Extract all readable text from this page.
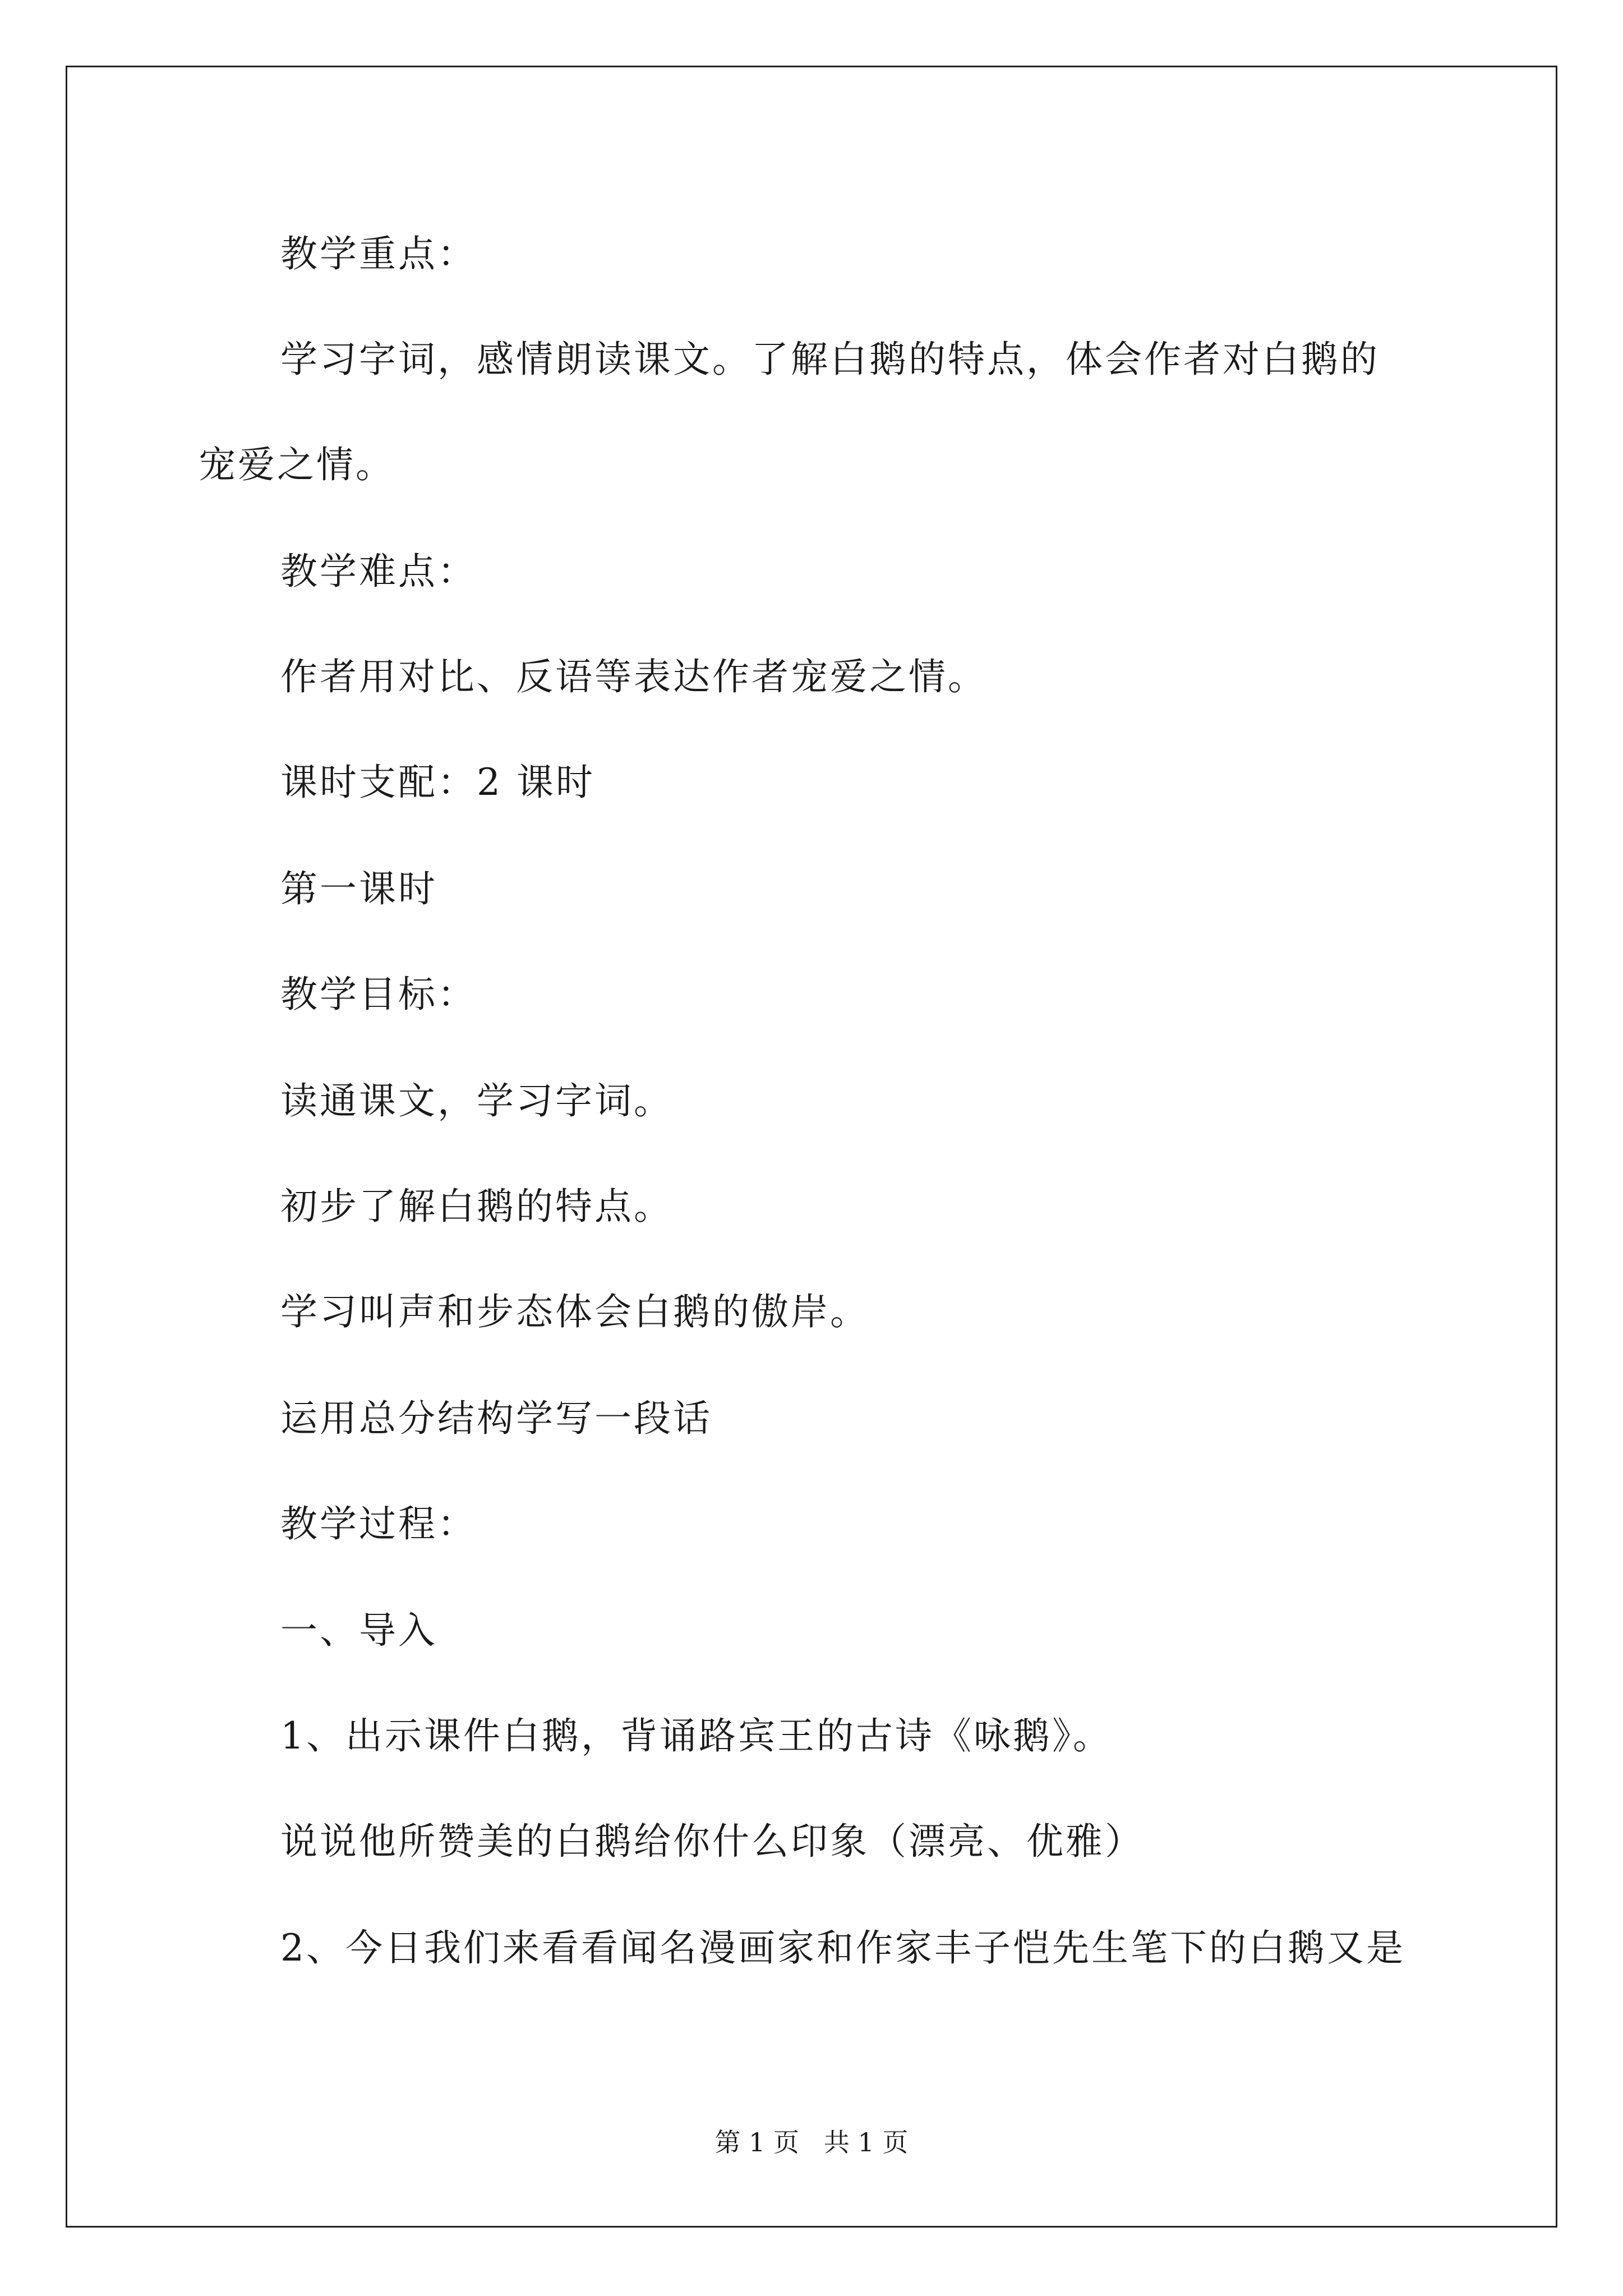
教学重点：
学习字词，感情朗读课文。了解白鹅的特点，体会作者对白鹅的
宠爱之情。
教学难点：
作者用对比、反语等表达作者宠爱之情。
课时支配：2 课时
第一课时
教学目标：
读通课文，学习字词。
初步了解白鹅的特点。
学习叫声和步态体会白鹅的傲岸。
运用总分结构学写一段话
教学过程：
一、导入
1、出示课件白鹅，背诵路宾王的古诗《咏鹅》。
说说他所赞美的白鹅给你什么印象（漂亮、优雅）
2、今日我们来看看闻名漫画家和作家丰子恺先生笔下的白鹅又是
第 1 页   共 1 页
